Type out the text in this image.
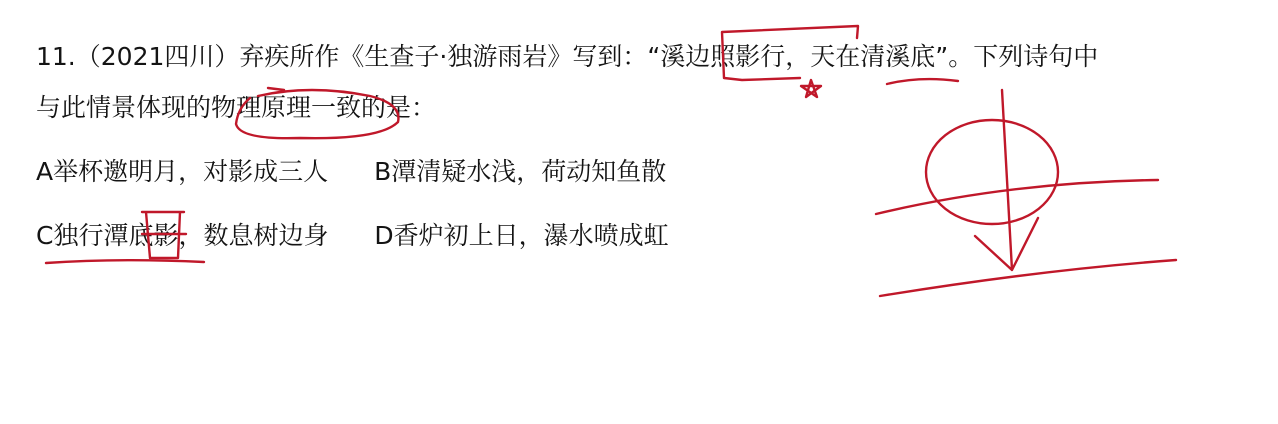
11.（2021四川）弃疾所作《生查子·独游雨岩》写到：“溪边照影行，天在清溪底”。下列诗句中
与此情景体现的物理原理一致的是：
A举杯邀明月，对影成三人 B潭清疑水浅，荷动知鱼散
C独行潭底影，数息树边身 D香炉初上日，瀑水喷成虹
